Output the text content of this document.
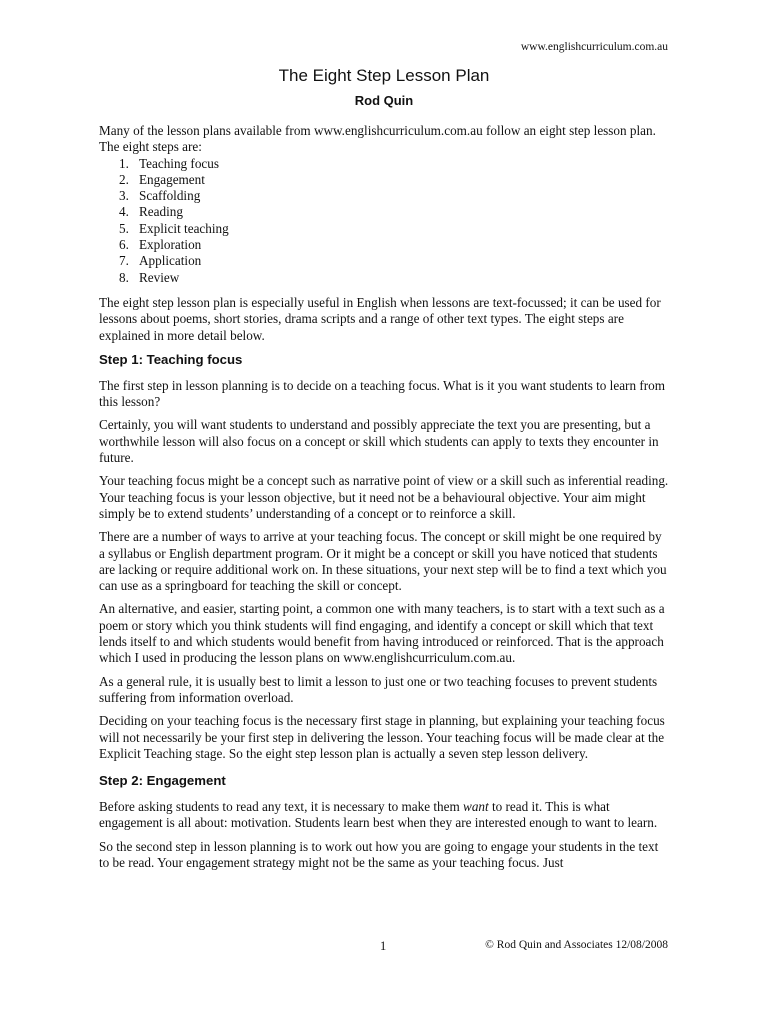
www.englishcurriculum.com.au
The Eight Step Lesson Plan
Rod Quin

Many of the lesson plans available from www.englishcurriculum.com.au follow an eight step lesson plan. The eight steps are:

1. Teaching focus
2. Engagement
3. Scaffolding
4. Reading
5. Explicit teaching
6. Exploration
7. Application
8. Review

The eight step lesson plan is especially useful in English when lessons are text-focussed; it can be used for lessons about poems, short stories, drama scripts and a range of other text types. The eight steps are explained in more detail below.

Step 1: Teaching focus

The first step in lesson planning is to decide on a teaching focus. What is it you want students to learn from this lesson?

Certainly, you will want students to understand and possibly appreciate the text you are presenting, but a worthwhile lesson will also focus on a concept or skill which students can apply to texts they encounter in future.

Your teaching focus might be a concept such as narrative point of view or a skill such as inferential reading. Your teaching focus is your lesson objective, but it need not be a behavioural objective. Your aim might simply be to extend students’ understanding of a concept or to reinforce a skill.

There are a number of ways to arrive at your teaching focus. The concept or skill might be one required by a syllabus or English department program. Or it might be a concept or skill you have noticed that students are lacking or require additional work on. In these situations, your next step will be to find a text which you can use as a springboard for teaching the skill or concept.

An alternative, and easier, starting point, a common one with many teachers, is to start with a text such as a poem or story which you think students will find engaging, and identify a concept or skill which that text lends itself to and which students would benefit from having introduced or reinforced. That is the approach which I used in producing the lesson plans on www.englishcurriculum.com.au.

As a general rule, it is usually best to limit a lesson to just one or two teaching focuses to prevent students suffering from information overload.

Deciding on your teaching focus is the necessary first stage in planning, but explaining your teaching focus will not necessarily be your first step in delivering the lesson. Your teaching focus will be made clear at the Explicit Teaching stage. So the eight step lesson plan is actually a seven step lesson delivery.

Step 2: Engagement

Before asking students to read any text, it is necessary to make them want to read it. This is what engagement is all about: motivation. Students learn best when they are interested enough to want to learn.

So the second step in lesson planning is to work out how you are going to engage your students in the text to be read. Your engagement strategy might not be the same as your teaching focus. Just

1	© Rod Quin and Associates 12/08/2008
